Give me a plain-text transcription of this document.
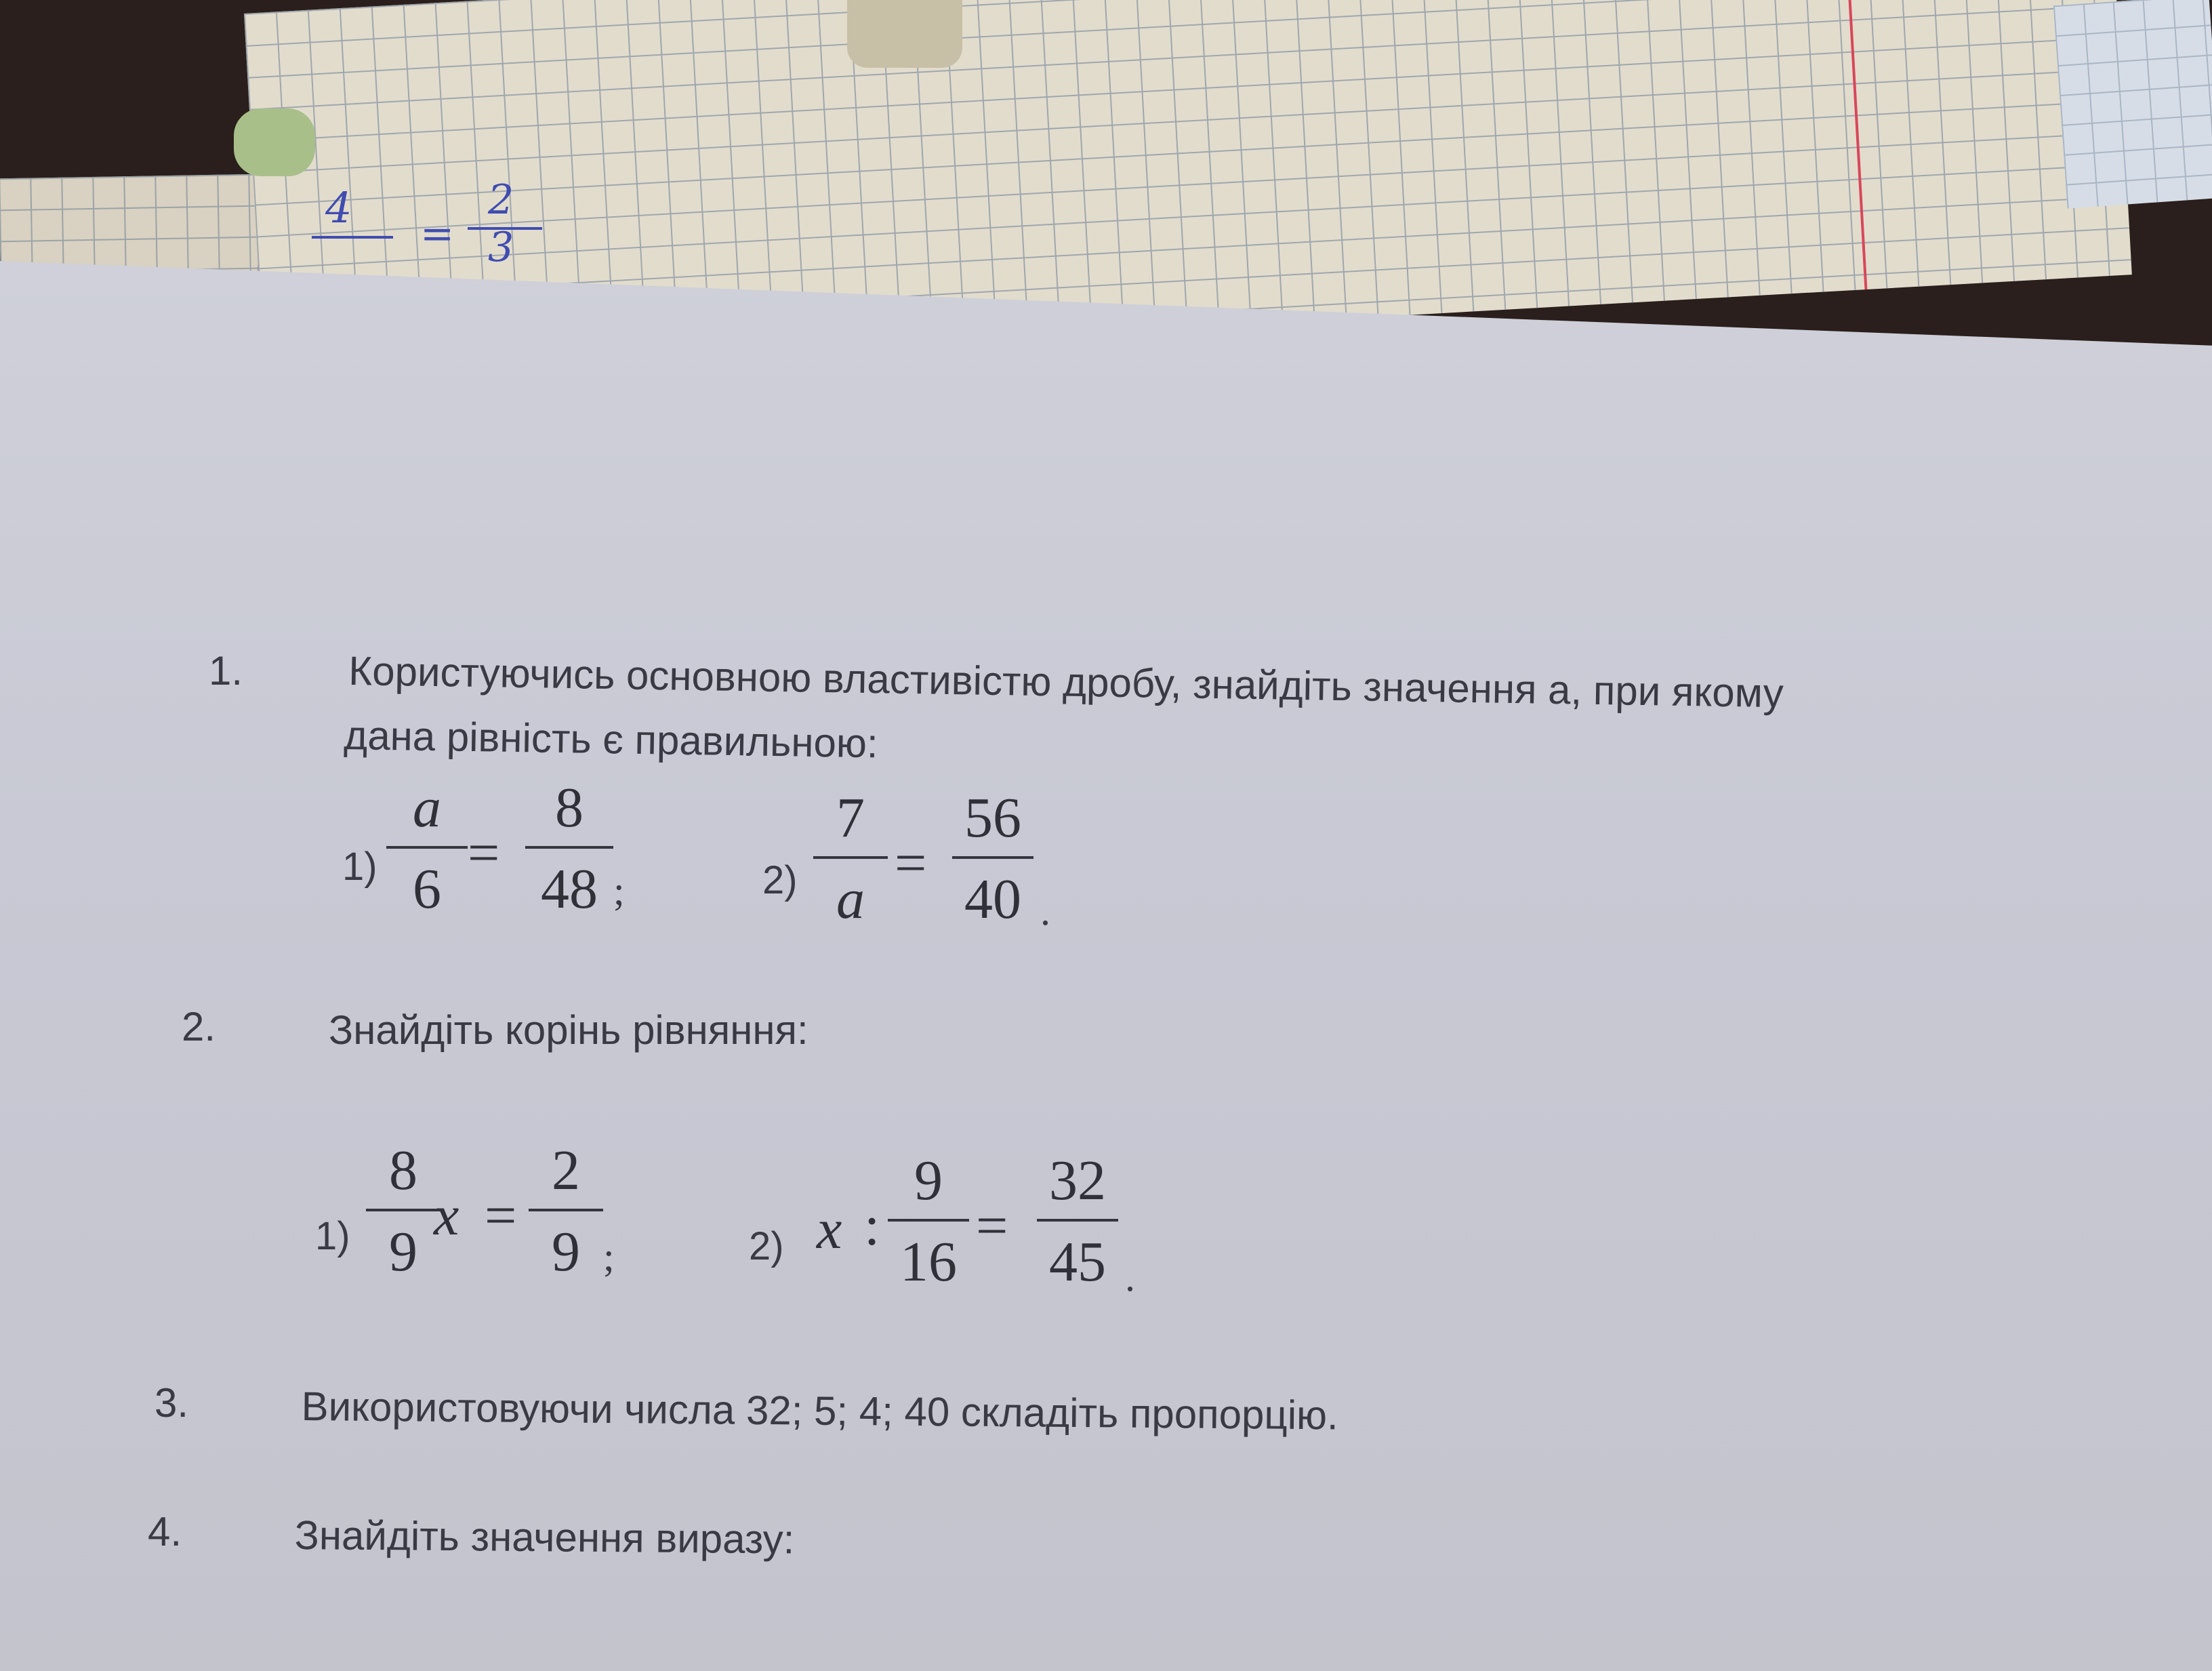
4
=
2
3
1.	Користуючись основною властивістю дробу, знайдіть значення a, при якому
дана рівність є правильною:
1)
a
6
=
8
48 ;	2)
7
a
=
56
40 .
2.	Знайдіть корінь рівняння:
1)
8
9
x =
2
9 ;	2) x :
9
16
=
32
45 .
3.	Використовуючи числа 32; 5; 4; 40 складіть пропорцію.
4.	Знайдіть значення виразу:
